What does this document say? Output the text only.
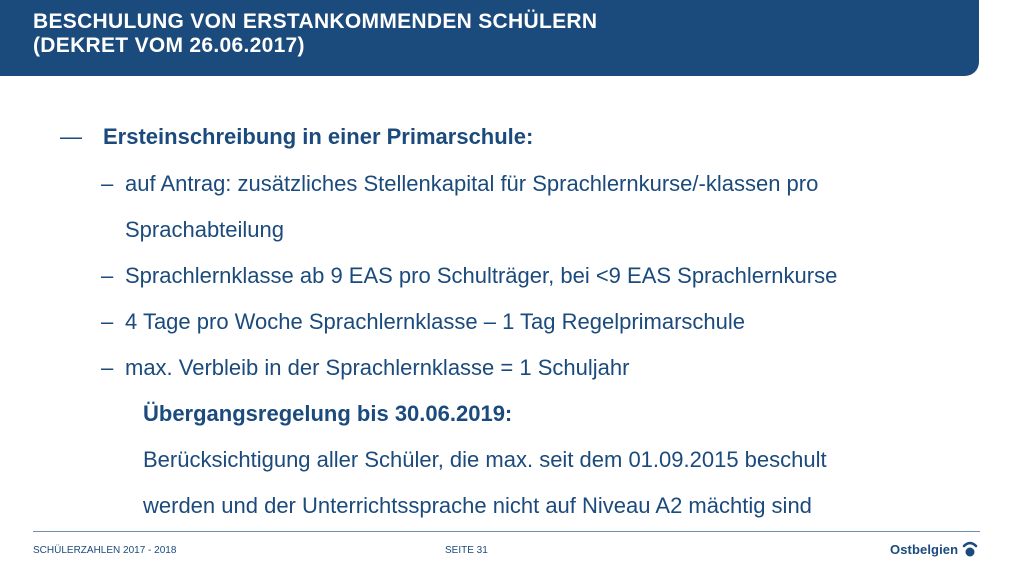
BESCHULUNG VON ERSTANKOMMENDEN SCHÜLERN
(DEKRET VOM 26.06.2017)
— Ersteinschreibung in einer Primarschule:
– auf Antrag: zusätzliches Stellenkapital für Sprachlernkurse/-klassen pro
Sprachabteilung
– Sprachlernklasse ab 9 EAS pro Schulträger, bei <9 EAS Sprachlernkurse
– 4 Tage pro Woche Sprachlernklasse – 1 Tag Regelprimarschule
– max. Verbleib in der Sprachlernklasse = 1 Schuljahr
Übergangsregelung bis 30.06.2019:
Berücksichtigung aller Schüler, die max. seit dem 01.09.2015 beschult
werden und der Unterrichtssprache nicht auf Niveau A2 mächtig sind
SCHÜLERZAHLEN 2017 - 2018	SEITE 31	Ostbelgien
